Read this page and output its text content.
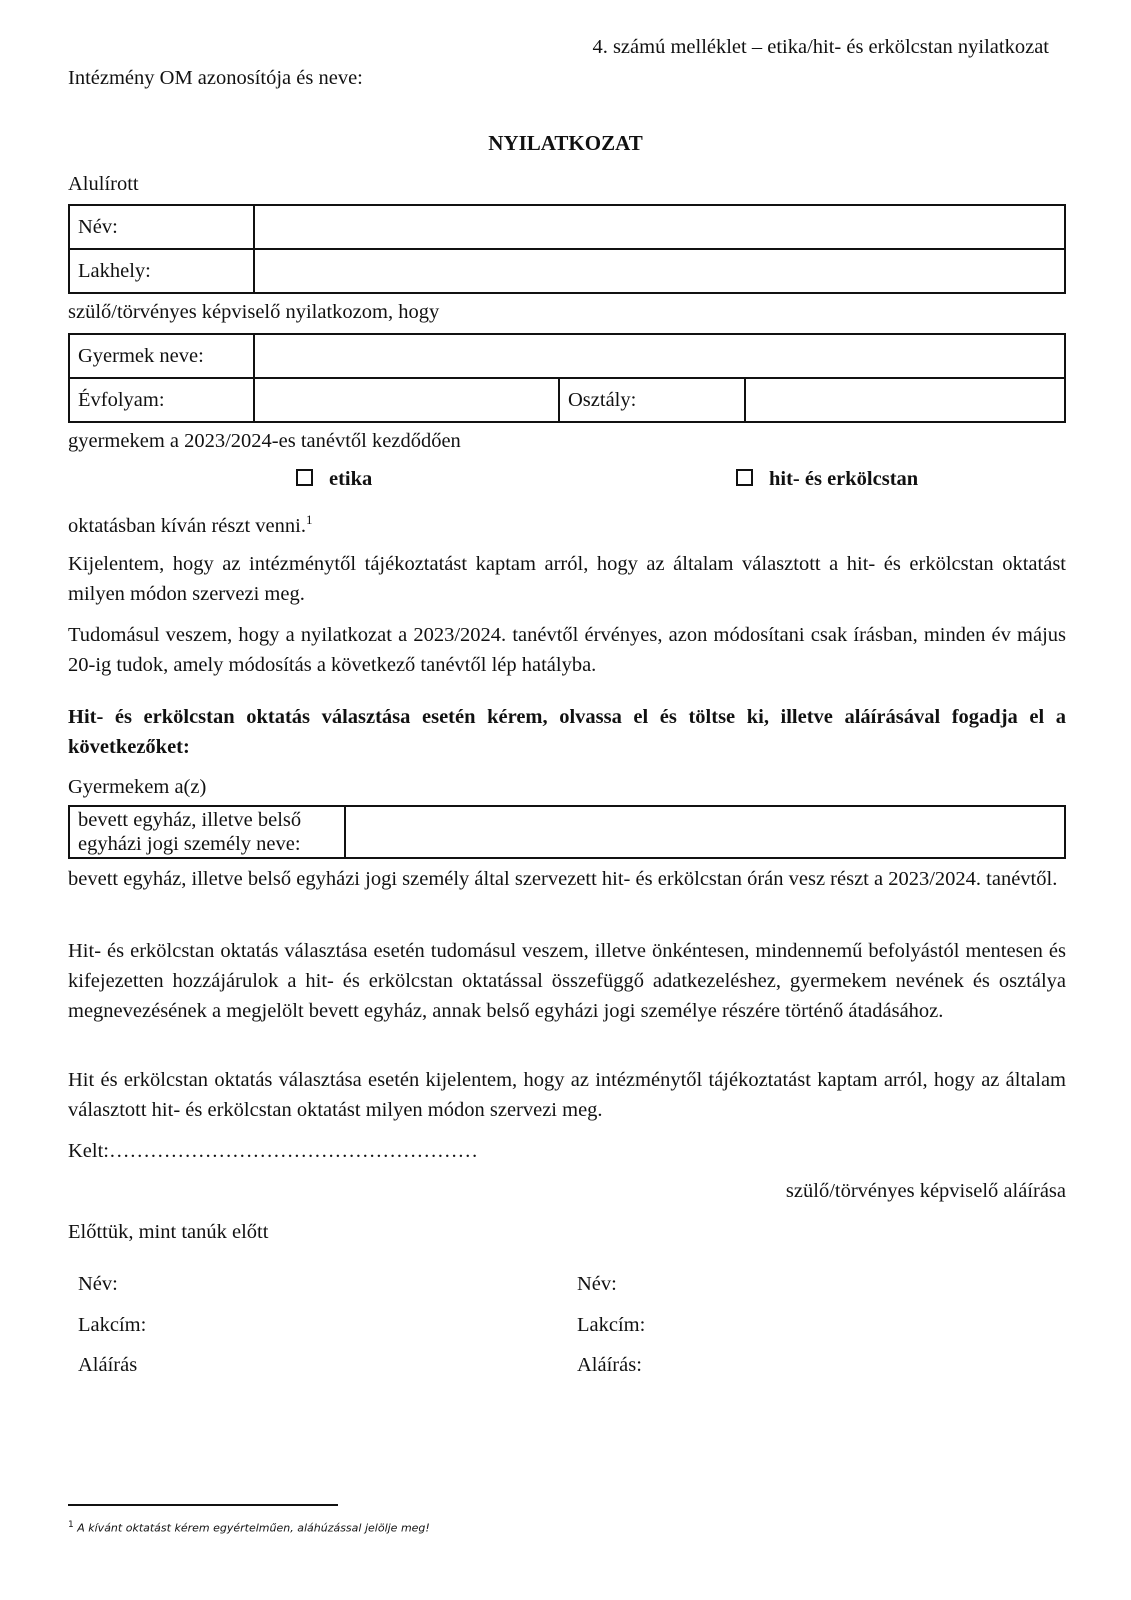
4. számú melléklet – etika/hit- és erkölcstan nyilatkozat
Intézmény OM azonosítója és neve:
NYILATKOZAT
Alulírott
Név:	
Lakhely:	
szülő/törvényes képviselő nyilatkozom, hogy
Gyermek neve:			
Évfolyam:		Osztály:	
gyermekem a 2023/2024-es tanévtől kezdődően
etika	hit- és erkölcstan
oktatásban kíván részt venni.$^1$
Kijelentem, hogy az intézménytől tájékoztatást kaptam arról, hogy az általam választott a hit- és erkölcstan oktatást milyen módon szervezi meg.
Tudomásul veszem, hogy a nyilatkozat a 2023/2024. tanévtől érvényes, azon módosítani csak írásban, minden év május 20-ig tudok, amely módosítás a következő tanévtől lép hatályba.
Hit- és erkölcstan oktatás választása esetén kérem, olvassa el és töltse ki, illetve aláírásával fogadja el a következőket:
Gyermekem a(z)
bevett egyház, illetve belső egyházi jogi személy neve:	
bevett egyház, illetve belső egyházi jogi személy által szervezett hit- és erkölcstan órán vesz részt a 2023/2024. tanévtől.
Hit- és erkölcstan oktatás választása esetén tudomásul veszem, illetve önkéntesen, mindennemű befolyástól mentesen és kifejezetten hozzájárulok a hit- és erkölcstan oktatással összefüggő adatkezeléshez, gyermekem nevének és osztálya megnevezésének a megjelölt bevett egyház, annak belső egyházi jogi személye részére történő átadásához.
Hit és erkölcstan oktatás választása esetén kijelentem, hogy az intézménytől tájékoztatást kaptam arról, hogy az általam választott hit- és erkölcstan oktatást milyen módon szervezi meg.
Kelt:………………………………………………
szülő/törvényes képviselő aláírása
Előttük, mint tanúk előtt
Név:
Lakcím:
Aláírás
Név:
Lakcím:
Aláírás:
$^1$ A kívánt oktatást kérem egyértelműen, aláhúzással jelölje meg!
